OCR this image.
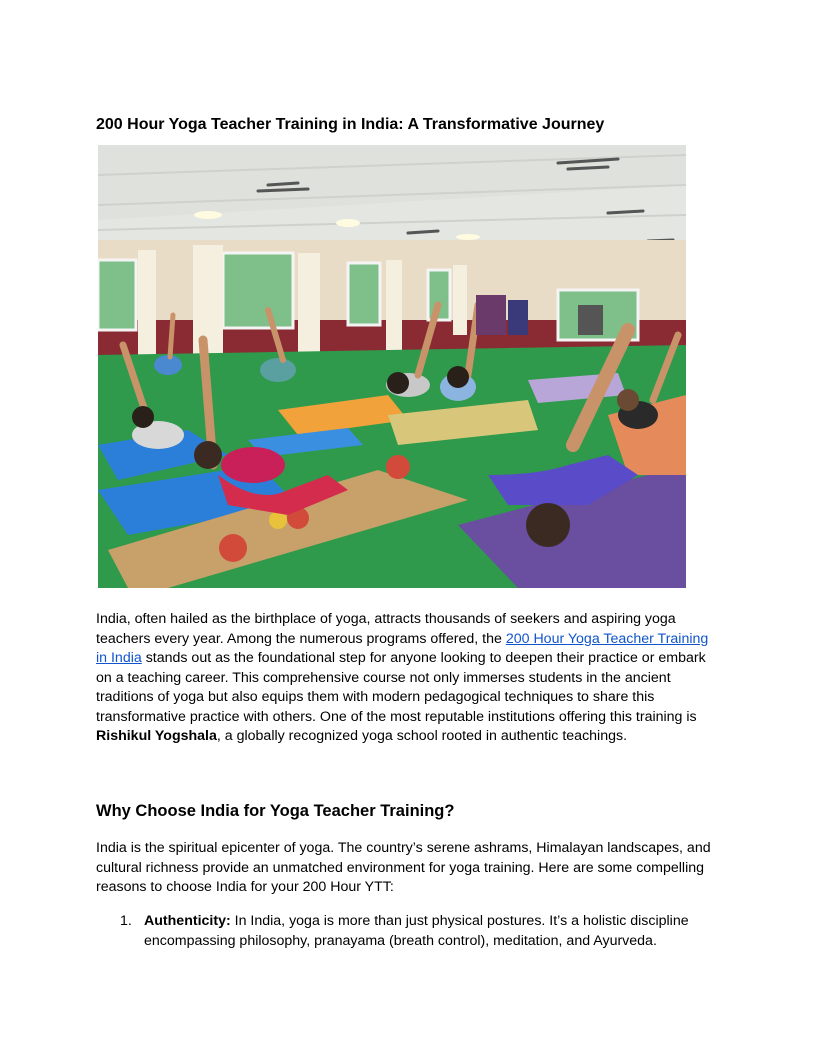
200 Hour Yoga Teacher Training in India: A Transformative Journey

India, often hailed as the birthplace of yoga, attracts thousands of seekers and aspiring yoga teachers every year. Among the numerous programs offered, the 200 Hour Yoga Teacher Training in India stands out as the foundational step for anyone looking to deepen their practice or embark on a teaching career. This comprehensive course not only immerses students in the ancient traditions of yoga but also equips them with modern pedagogical techniques to share this transformative practice with others. One of the most reputable institutions offering this training is Rishikul Yogshala, a globally recognized yoga school rooted in authentic teachings.

Why Choose India for Yoga Teacher Training?

India is the spiritual epicenter of yoga. The country’s serene ashrams, Himalayan landscapes, and cultural richness provide an unmatched environment for yoga training. Here are some compelling reasons to choose India for your 200 Hour YTT:

1. Authenticity: In India, yoga is more than just physical postures. It’s a holistic discipline encompassing philosophy, pranayama (breath control), meditation, and Ayurveda.
